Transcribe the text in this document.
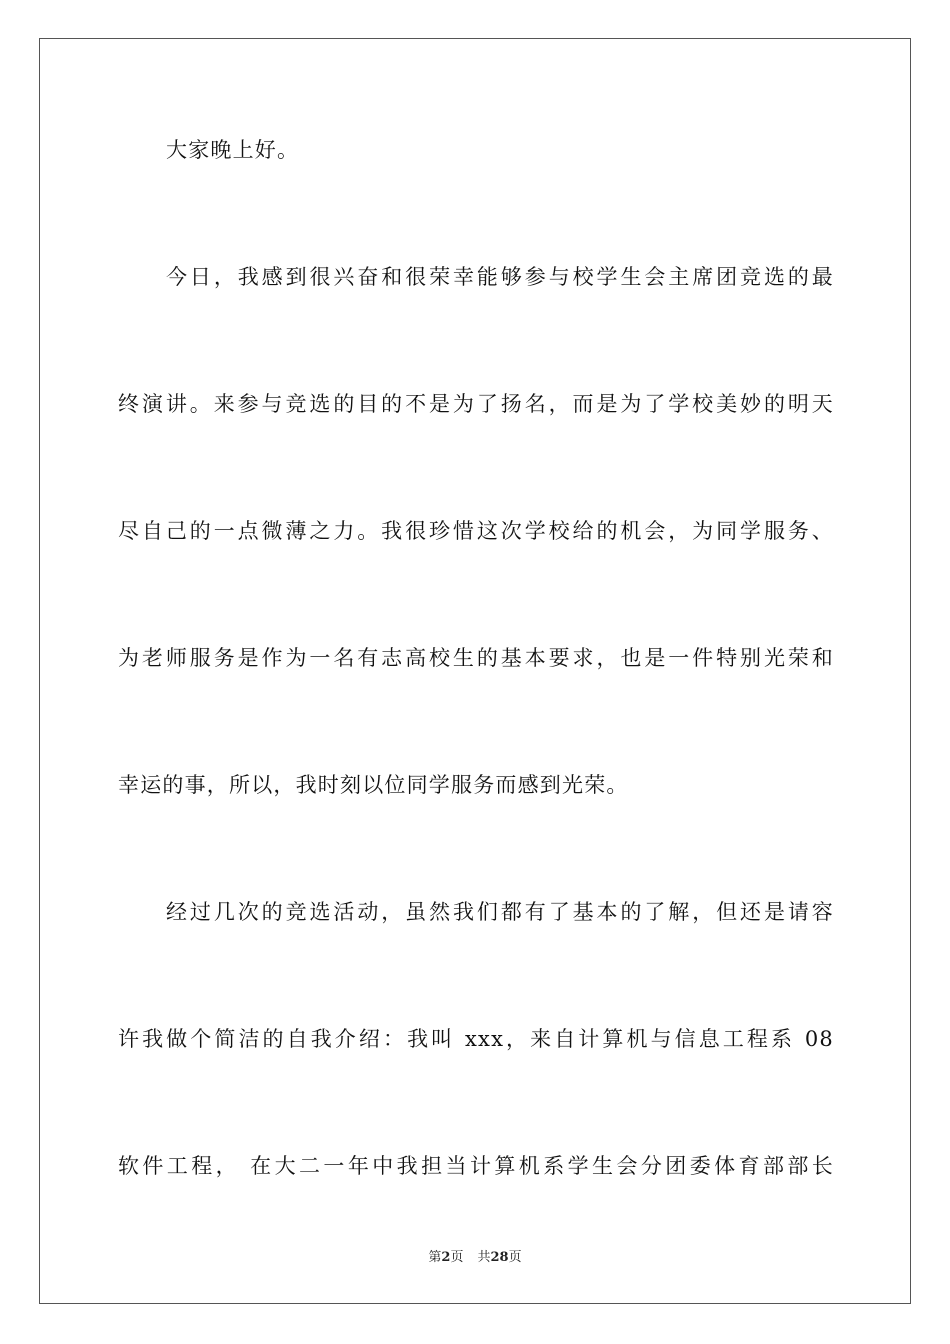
大家晚上好。
今日，我感到很兴奋和很荣幸能够参与校学生会主席团竞选的最
终演讲。来参与竞选的目的不是为了扬名，而是为了学校美妙的明天
尽自己的一点微薄之力。我很珍惜这次学校给的机会，为同学服务、
为老师服务是作为一名有志高校生的基本要求，也是一件特别光荣和
幸运的事，所以，我时刻以位同学服务而感到光荣。
经过几次的竞选活动，虽然我们都有了基本的了解，但还是请容
许我做个简洁的自我介绍：我叫 xxx，来自计算机与信息工程系 08
软件工程， 在大二一年中我担当计算机系学生会分团委体育部部长
第2页 共28页
